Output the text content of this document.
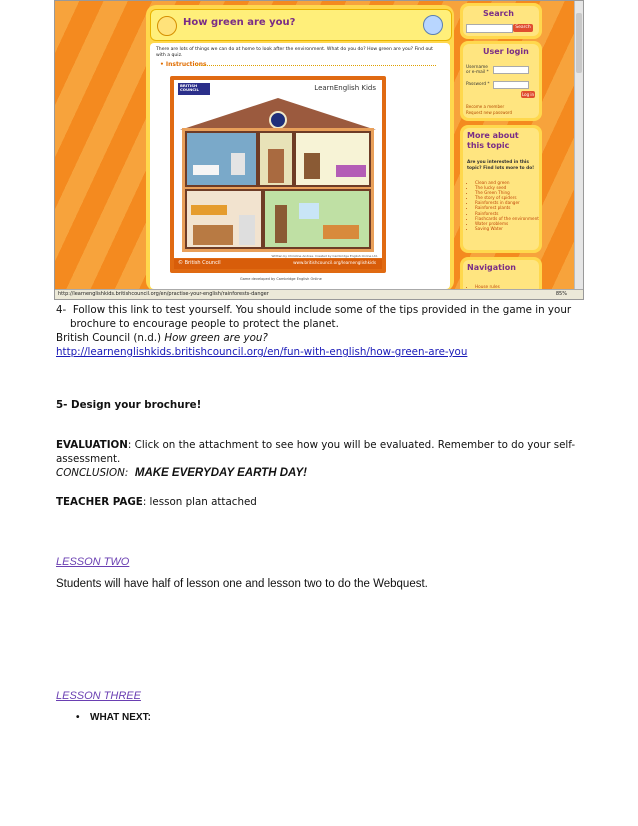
How green are you?
There are lots of things we can do at home to look after the environment. What do you do? How green are you? Find out with a quiz.
• Instructions
BRITISH COUNCIL	LearnEnglish Kids
Written by Christine Andrea. Created by Cambridge English Online Ltd.
© British Council	www.britishcouncil.org/learnenglishkids
Game developed by Cambridge English Online
Search
Search
User login
Username or e-mail *
Password *
Log in
Become a member
Request new password
More about this topic
Are you interested in this topic? Find lots more to do!
• Clean and green
• The lucky seed
• The Green Thing
• The story of spiders
• Rainforests in danger
• Rainforest plants
• Rainforests
• Flashcards of the environment
• Water problems
• Saving Water
Navigation
• House rules
http://learnenglishkids.britishcouncil.org/en/practise-your-english/rainforests-danger	85%
4- Follow this link to test yourself. You should include some of the tips provided in the game in your brochure to encourage people to protect the planet.
British Council (n.d.) How green are you?
http://learnenglishkids.britishcouncil.org/en/fun-with-english/how-green-are-you
5- Design your brochure!
EVALUATION: Click on the attachment to see how you will be evaluated. Remember to do your self-assessment.
CONCLUSION: MAKE EVERYDAY EARTH DAY!
TEACHER PAGE: lesson plan attached
LESSON TWO
Students will have half of lesson one and lesson two to do the Webquest.
LESSON THREE
• WHAT NEXT:
